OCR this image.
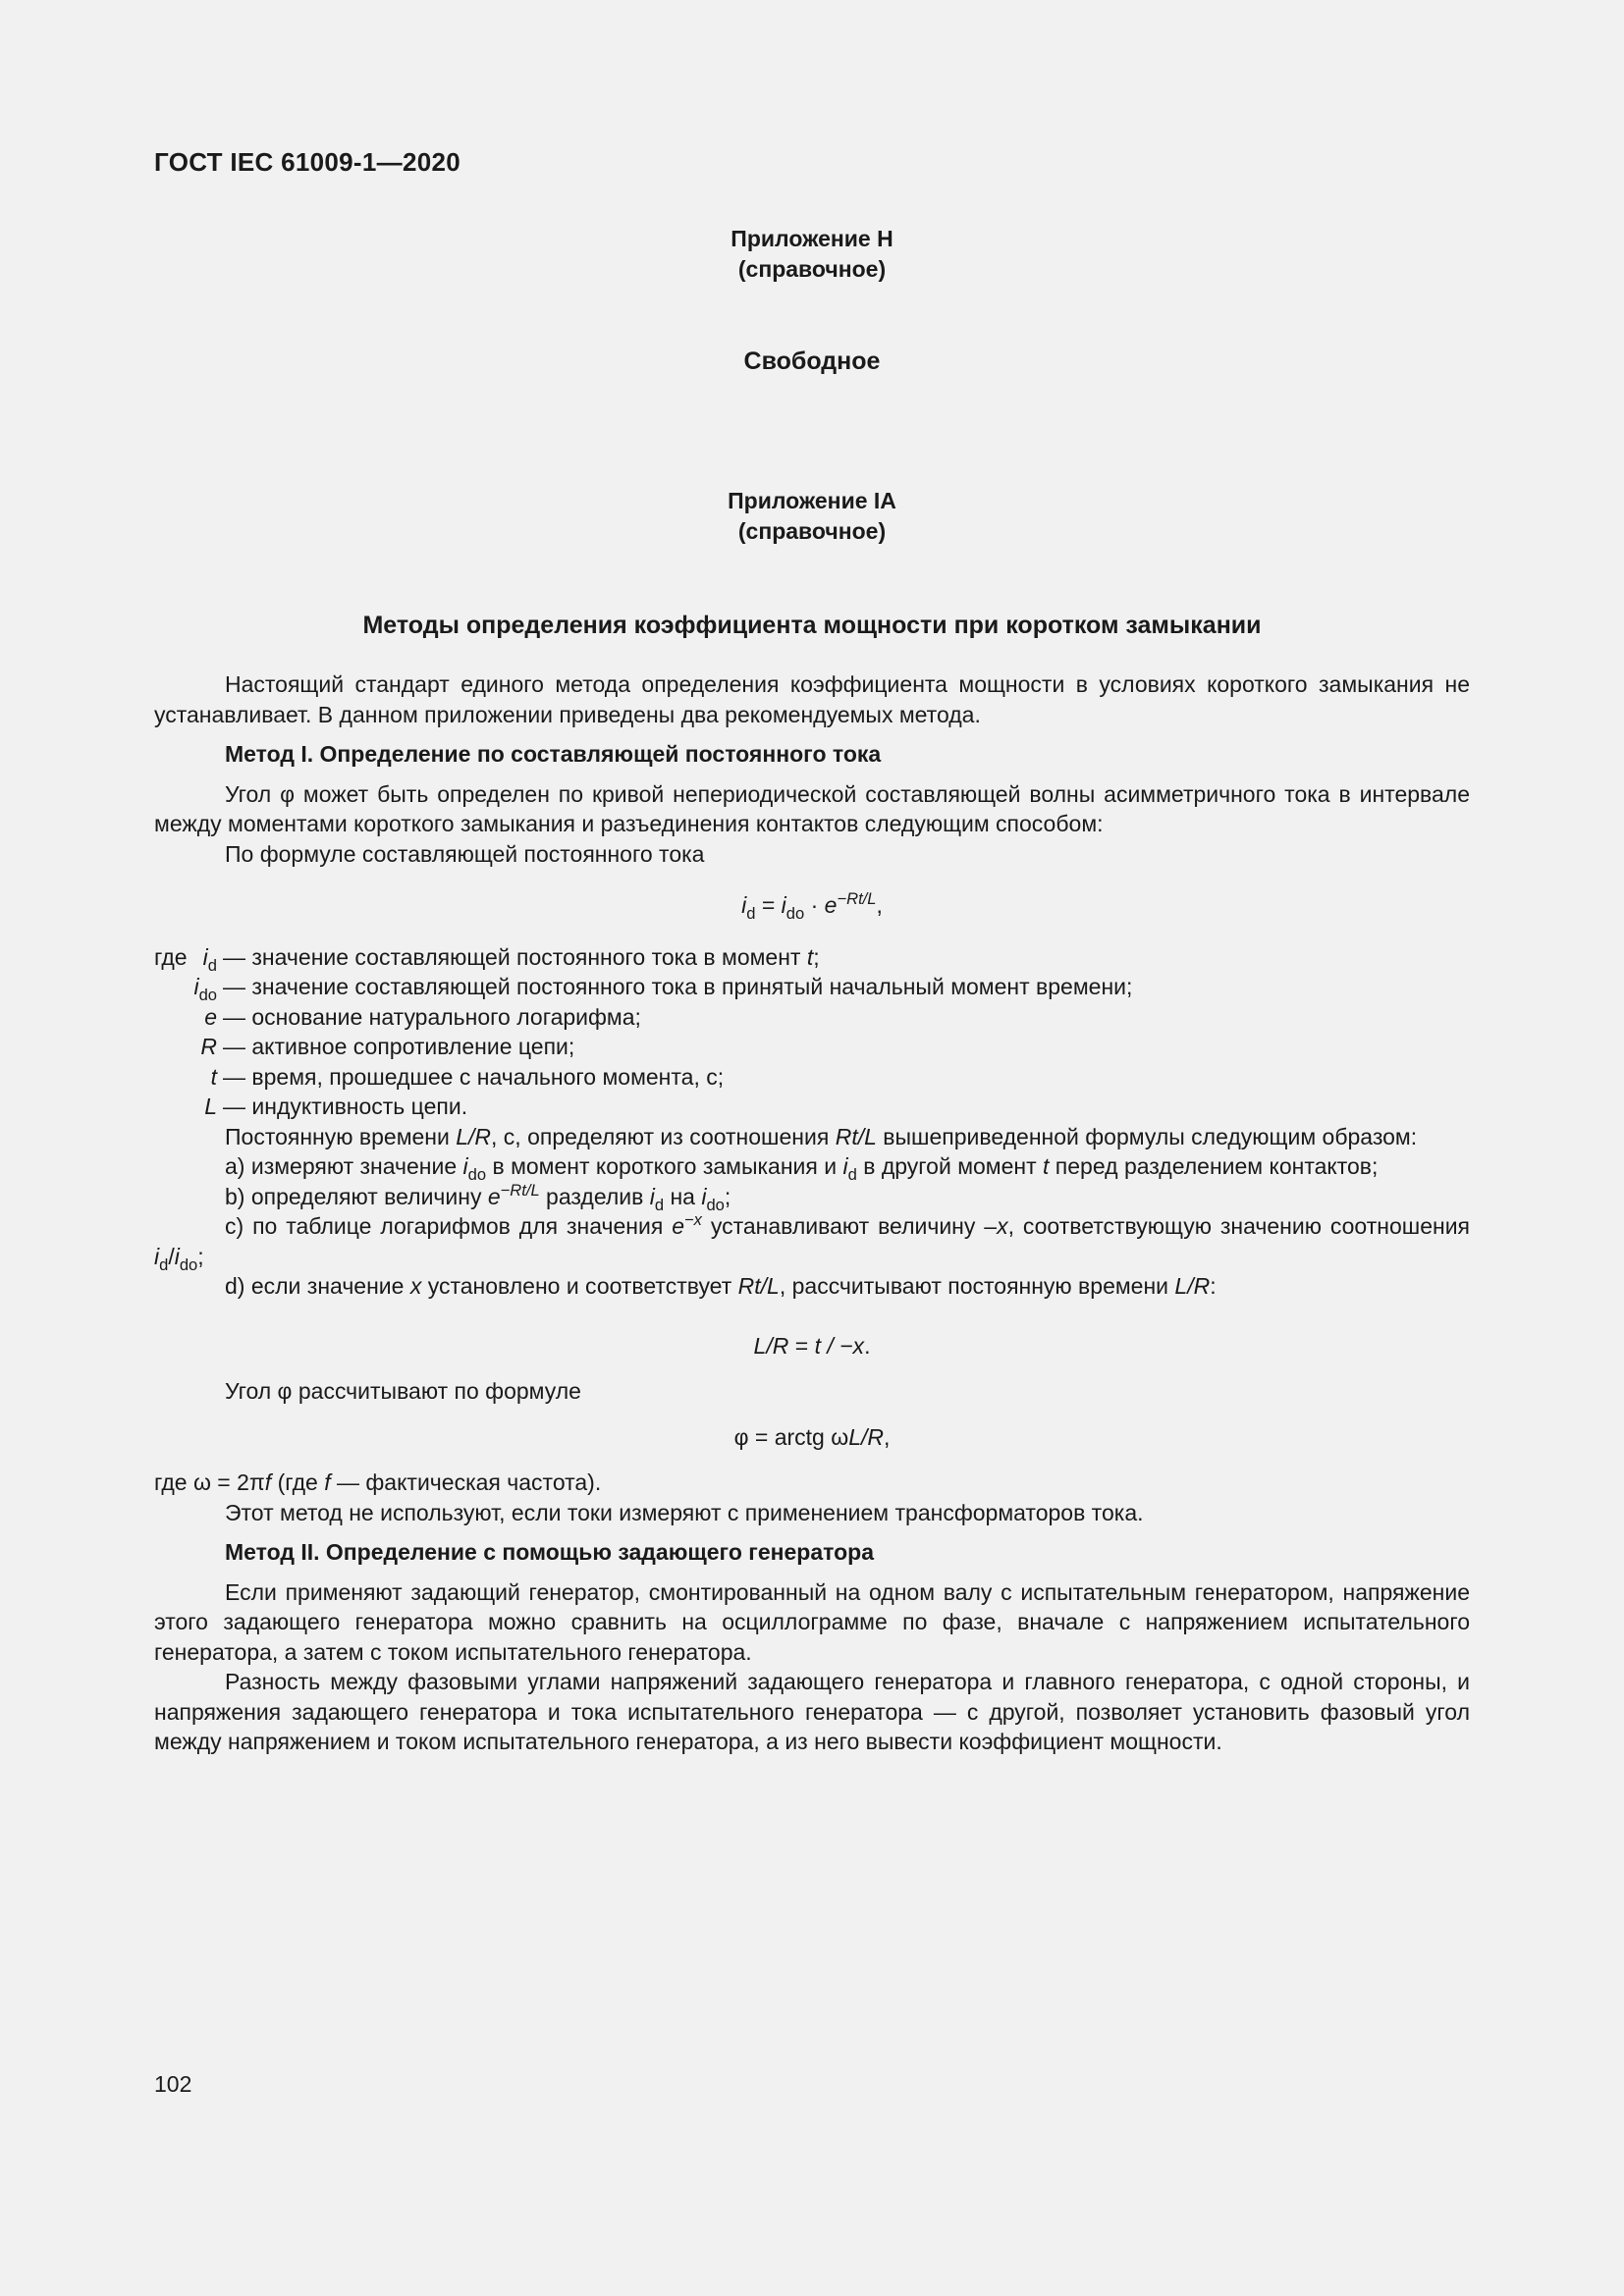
ГОСТ IEC 61009-1—2020
Приложение H
(справочное)
Свободное
Приложение IA
(справочное)
Методы определения коэффициента мощности при коротком замыкании
Настоящий стандарт единого метода определения коэффициента мощности в условиях короткого замыкания не устанавливает. В данном приложении приведены два рекомендуемых метода.
Метод I. Определение по составляющей постоянного тока
Угол φ может быть определен по кривой непериодической составляющей волны асимметричного тока в интервале между моментами короткого замыкания и разъединения контактов следующим способом:
По формуле составляющей постоянного тока
$i_d = i_{do} \cdot e^{-Rt/L}$,
где $i_d$ — значение составляющей постоянного тока в момент t;
$i_{do}$ — значение составляющей постоянного тока в принятый начальный момент времени;
e — основание натурального логарифма;
R — активное сопротивление цепи;
t — время, прошедшее с начального момента, с;
L — индуктивность цепи.
Постоянную времени L/R, с, определяют из соотношения Rt/L вышеприведенной формулы следующим образом:
a) измеряют значение $i_{do}$ в момент короткого замыкания и $i_d$ в другой момент t перед разделением контактов;
b) определяют величину $e^{-Rt/L}$ разделив $i_d$ на $i_{do}$;
c) по таблице логарифмов для значения $e^{-x}$ устанавливают величину –x, соответствующую значению соотношения $i_d/i_{do}$;
d) если значение x установлено и соответствует Rt/L, рассчитывают постоянную времени L/R:
L/R = t / −x.
Угол φ рассчитывают по формуле
φ = arctg ωL/R,
где ω = 2πf (где f — фактическая частота).
Этот метод не используют, если токи измеряют с применением трансформаторов тока.
Метод II. Определение с помощью задающего генератора
Если применяют задающий генератор, смонтированный на одном валу с испытательным генератором, напряжение этого задающего генератора можно сравнить на осциллограмме по фазе, вначале с напряжением испытательного генератора, а затем с током испытательного генератора.
Разность между фазовыми углами напряжений задающего генератора и главного генератора, с одной стороны, и напряжения задающего генератора и тока испытательного генератора — с другой, позволяет установить фазовый угол между напряжением и током испытательного генератора, а из него вывести коэффициент мощности.
102
